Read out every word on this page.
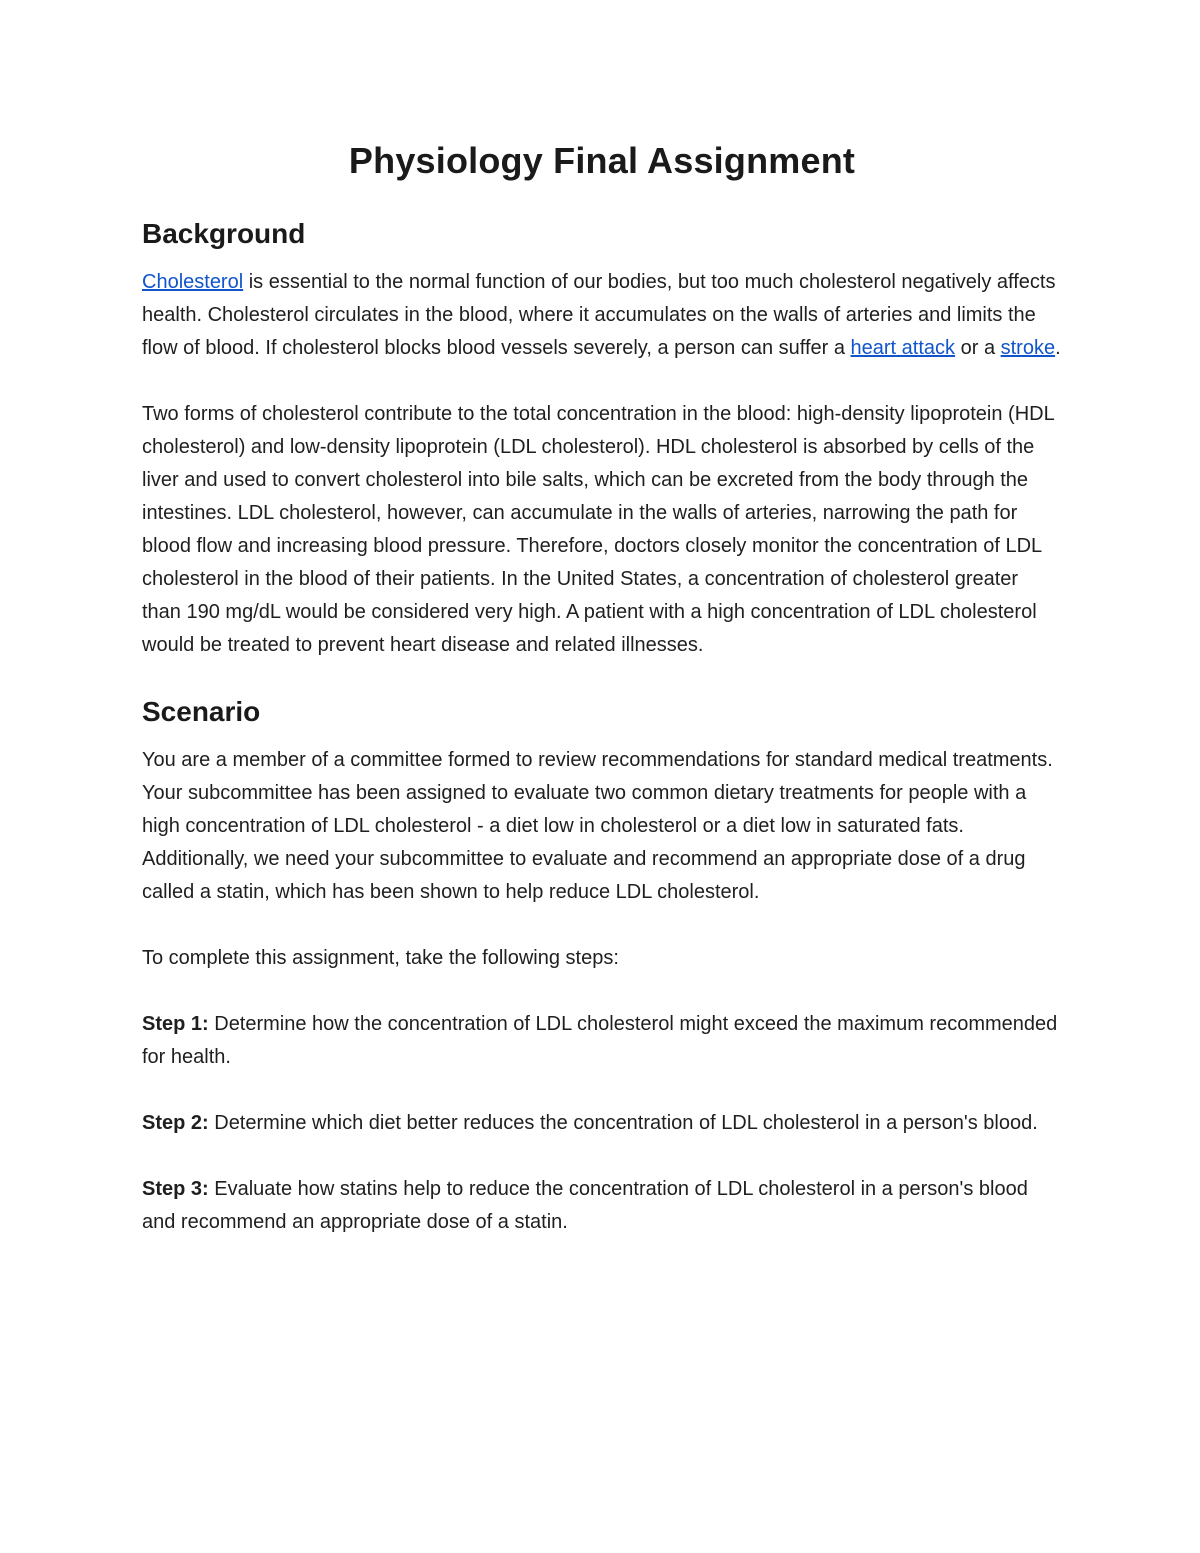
Physiology Final Assignment
Background

Cholesterol is essential to the normal function of our bodies, but too much cholesterol negatively affects health. Cholesterol circulates in the blood, where it accumulates on the walls of arteries and limits the flow of blood. If cholesterol blocks blood vessels severely, a person can suffer a heart attack or a stroke.

Two forms of cholesterol contribute to the total concentration in the blood: high-density lipoprotein (HDL cholesterol) and low-density lipoprotein (LDL cholesterol). HDL cholesterol is absorbed by cells of the liver and used to convert cholesterol into bile salts, which can be excreted from the body through the intestines. LDL cholesterol, however, can accumulate in the walls of arteries, narrowing the path for blood flow and increasing blood pressure. Therefore, doctors closely monitor the concentration of LDL cholesterol in the blood of their patients. In the United States, a concentration of cholesterol greater than 190 mg/dL would be considered very high. A patient with a high concentration of LDL cholesterol would be treated to prevent heart disease and related illnesses.

Scenario

You are a member of a committee formed to review recommendations for standard medical treatments. Your subcommittee has been assigned to evaluate two common dietary treatments for people with a high concentration of LDL cholesterol - a diet low in cholesterol or a diet low in saturated fats. Additionally, we need your subcommittee to evaluate and recommend an appropriate dose of a drug called a statin, which has been shown to help reduce LDL cholesterol.

To complete this assignment, take the following steps:

Step 1: Determine how the concentration of LDL cholesterol might exceed the maximum recommended for health.

Step 2: Determine which diet better reduces the concentration of LDL cholesterol in a person's blood.

Step 3: Evaluate how statins help to reduce the concentration of LDL cholesterol in a person's blood and recommend an appropriate dose of a statin.
